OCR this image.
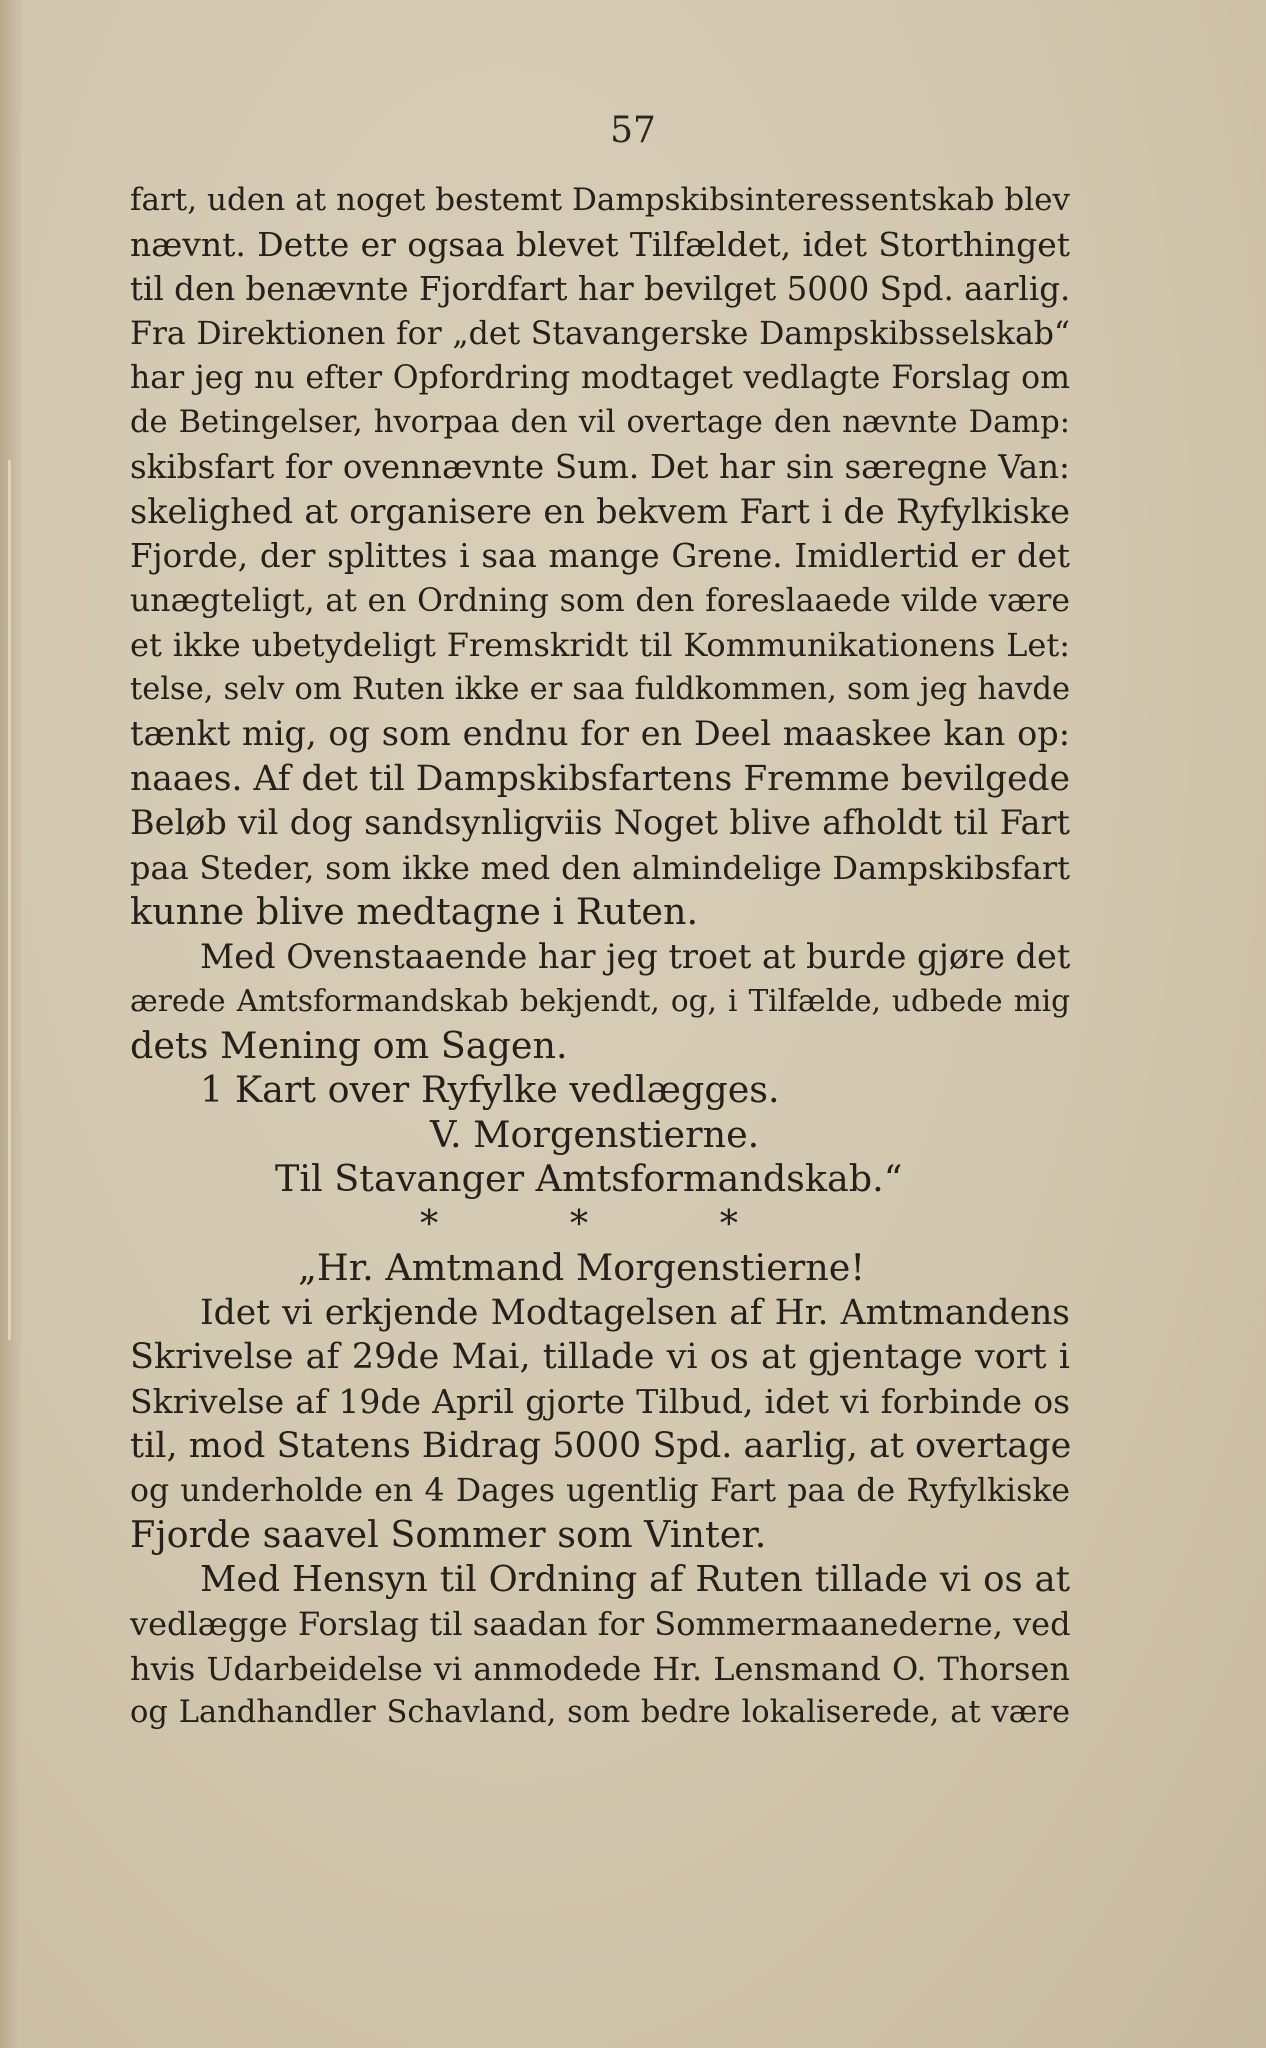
57
fart, uden at noget bestemt Dampskibsinteressentskab blev
nævnt. Dette er ogsaa blevet Tilfældet, idet Storthinget
til den benævnte Fjordfart har bevilget 5000 Spd. aarlig.
Fra Direktionen for „det Stavangerske Dampskibsselskab“
har jeg nu efter Opfordring modtaget vedlagte Forslag om
de Betingelser, hvorpaa den vil overtage den nævnte Damp:
skibsfart for ovennævnte Sum. Det har sin særegne Van:
skelighed at organisere en bekvem Fart i de Ryfylkiske
Fjorde, der splittes i saa mange Grene. Imidlertid er det
unægteligt, at en Ordning som den foreslaaede vilde være
et ikke ubetydeligt Fremskridt til Kommunikationens Let:
telse, selv om Ruten ikke er saa fuldkommen, som jeg havde
tænkt mig, og som endnu for en Deel maaskee kan op:
naaes. Af det til Dampskibsfartens Fremme bevilgede
Beløb vil dog sandsynligviis Noget blive afholdt til Fart
paa Steder, som ikke med den almindelige Dampskibsfart
kunne blive medtagne i Ruten.
Med Ovenstaaende har jeg troet at burde gjøre det
ærede Amtsformandskab bekjendt, og, i Tilfælde, udbede mig
dets Mening om Sagen.
1 Kart over Ryfylke vedlægges.
V. Morgenstierne.
Til Stavanger Amtsformandskab.“
* * *
„Hr. Amtmand Morgenstierne!
Idet vi erkjende Modtagelsen af Hr. Amtmandens
Skrivelse af 29de Mai, tillade vi os at gjentage vort i
Skrivelse af 19de April gjorte Tilbud, idet vi forbinde os
til, mod Statens Bidrag 5000 Spd. aarlig, at overtage
og underholde en 4 Dages ugentlig Fart paa de Ryfylkiske
Fjorde saavel Sommer som Vinter.
Med Hensyn til Ordning af Ruten tillade vi os at
vedlægge Forslag til saadan for Sommermaanederne, ved
hvis Udarbeidelse vi anmodede Hr. Lensmand O. Thorsen
og Landhandler Schavland, som bedre lokaliserede, at være
